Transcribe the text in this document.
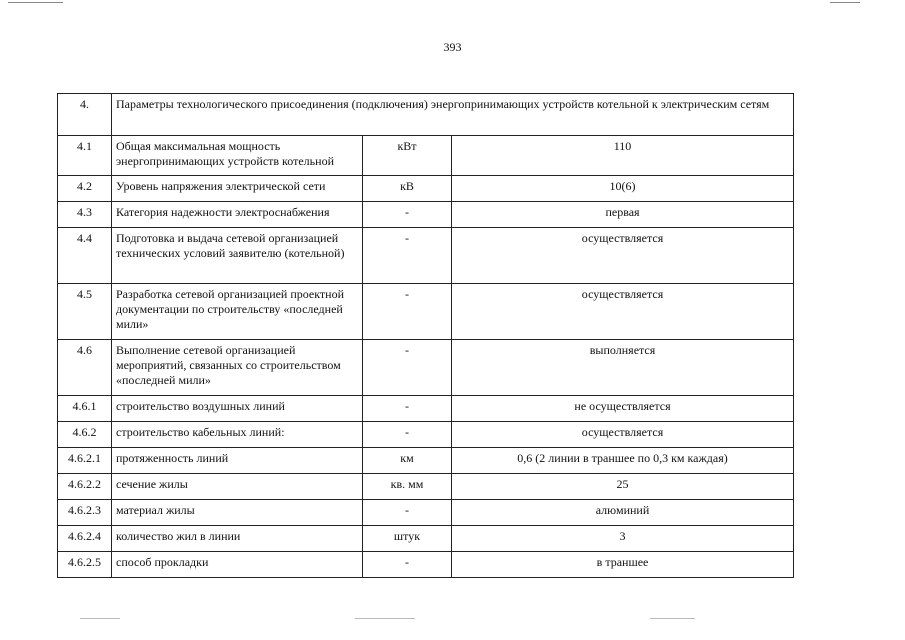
393
4.	Параметры технологического присоединения (подключения) энергопринимающих устройств котельной к электрическим сетям		
4.1	Общая максимальная мощность энергопринимающих устройств котельной	кВт	110
4.2	Уровень напряжения электрической сети	кВ	10(6)
4.3	Категория надежности электроснабжения	-	первая
4.4	Подготовка и выдача сетевой организацией технических условий заявителю (котельной)	-	осуществляется
4.5	Разработка сетевой организацией проектной документации по строительству «последней мили»	-	осуществляется
4.6	Выполнение сетевой организацией мероприятий, связанных со строительством «последней мили»	-	выполняется
4.6.1	строительство воздушных линий	-	не осуществляется
4.6.2	строительство кабельных линий:	-	осуществляется
4.6.2.1	протяженность линий	км	0,6 (2 линии в траншее по 0,3 км каждая)
4.6.2.2	сечение жилы	кв. мм	25
4.6.2.3	материал жилы	-	алюминий
4.6.2.4	количество жил в линии	штук	3
4.6.2.5	способ прокладки	-	в траншее
